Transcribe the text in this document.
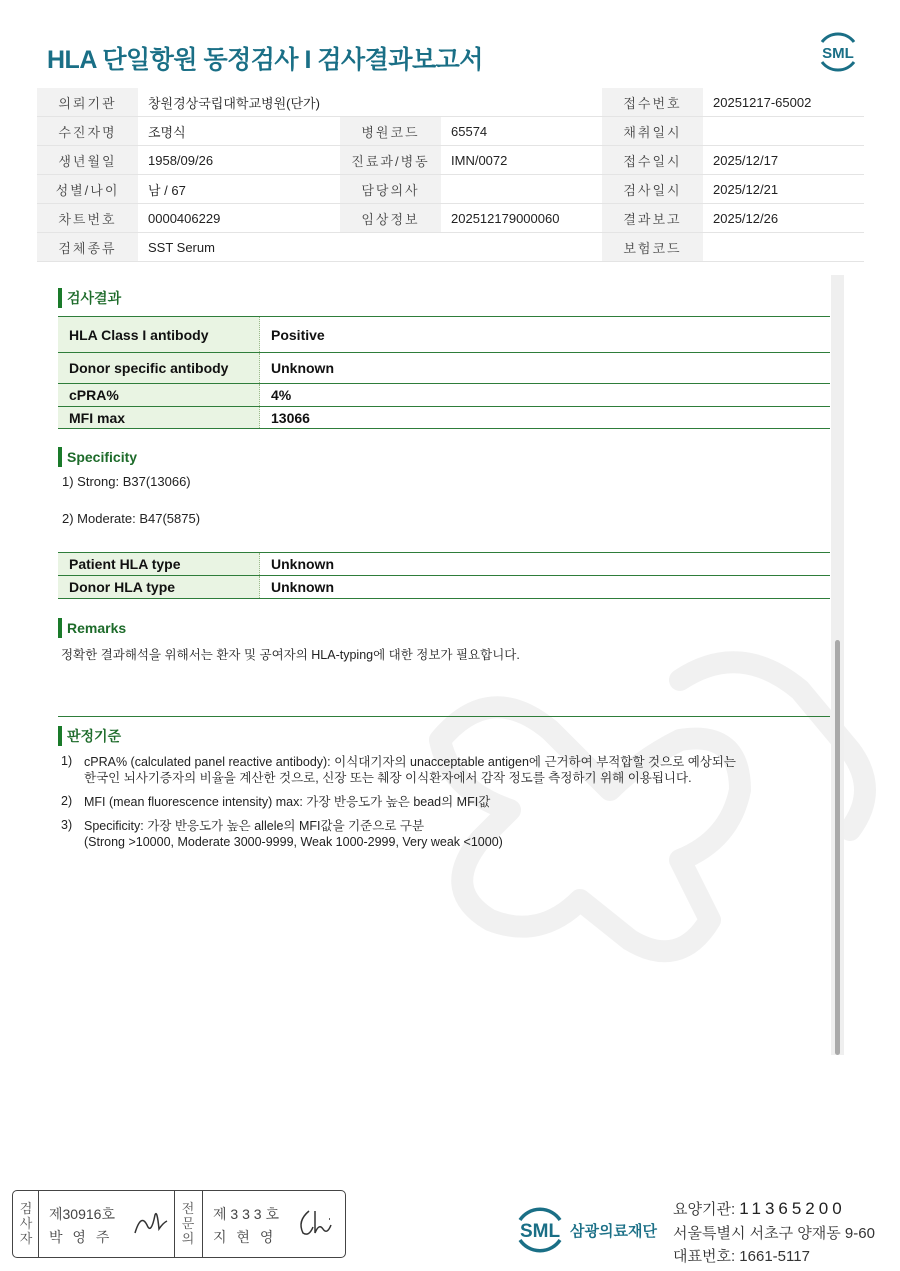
HLA 단일항원 동정검사 I 검사결과보고서	SML
의뢰기관	창원경상국립대학교병원(단가)			접수번호	20251217-65002
수진자명	조명식	병원코드	65574	채취일시	
생년월일	1958/09/26	진료과/병동	IMN/0072	접수일시	2025/12/17
성별/나이	남 / 67	담당의사		검사일시	2025/12/21
차트번호	0000406229	임상정보	202512179000060	결과보고	2025/12/26
검체종류	SST Serum			보험코드	
검사결과
HLA Class I antibody	Positive
Donor specific antibody	Unknown
cPRA%	4%
MFI max	13066
Specificity

1) Strong: B37(13066)

2) Moderate: B47(5875)

Patient HLA type	Unknown
Donor HLA type	Unknown
Remarks

정확한 결과해석을 위해서는 환자 및 공여자의 HLA-typing에 대한 정보가 필요합니다.

판정기준
1) cPRA% (calculated panel reactive antibody): 이식대기자의 unacceptable antigen에 근거하여 부적합할 것으로 예상되는
한국인 뇌사기증자의 비율을 계산한 것으로, 신장 또는 췌장 이식환자에서 감작 정도를 측정하기 위해 이용됩니다.
2) MFI (mean fluorescence intensity) max: 가장 반응도가 높은 bead의 MFI값
3) Specificity: 가장 반응도가 높은 allele의 MFI값을 기준으로 구분
(Strong >10000, Moderate 3000-9999, Weak 1000-2999, Very weak <1000)
검사자
제30916호
박 영 주
전문의
제 3 3 3 호
지 현 영	SML 삼광의료재단

요양기관: 11365200

서울특별시 서초구 양재동 9-60

대표번호: 1661-5117
